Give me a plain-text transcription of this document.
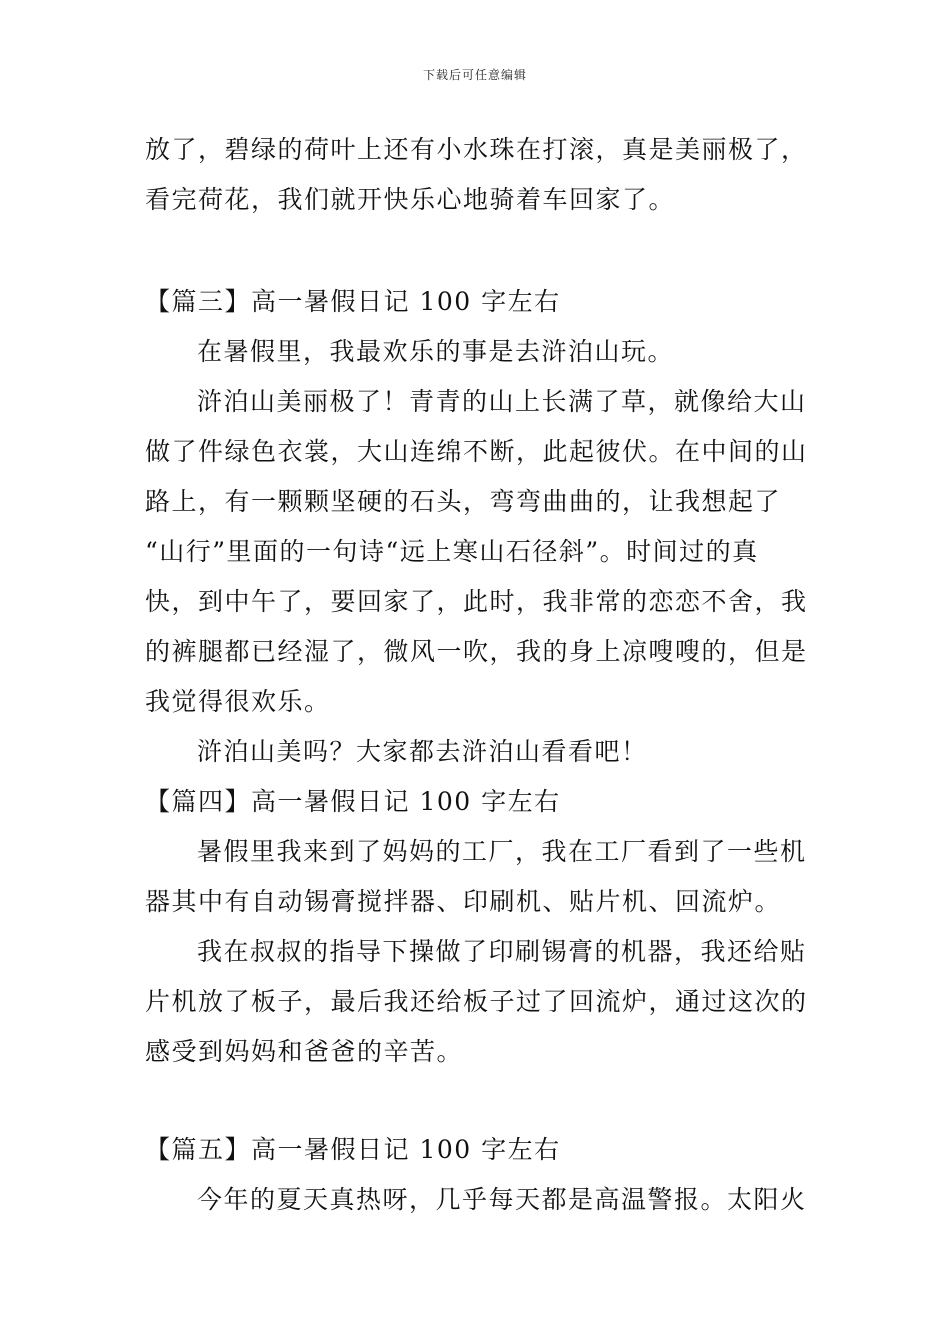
下载后可任意编辑
放了，碧绿的荷叶上还有小水珠在打滚，真是美丽极了，
看完荷花，我们就开快乐心地骑着车回家了。
【篇三】高一暑假日记 100 字左右
在暑假里，我最欢乐的事是去浒泊山玩。
浒泊山美丽极了！青青的山上长满了草，就像给大山
做了件绿色衣裳，大山连绵不断，此起彼伏。在中间的山
路上，有一颗颗坚硬的石头，弯弯曲曲的，让我想起了
“山行”里面的一句诗“远上寒山石径斜”。时间过的真
快，到中午了，要回家了，此时，我非常的恋恋不舍，我
的裤腿都已经湿了，微风一吹，我的身上凉嗖嗖的，但是
我觉得很欢乐。
浒泊山美吗？大家都去浒泊山看看吧！
【篇四】高一暑假日记 100 字左右
暑假里我来到了妈妈的工厂，我在工厂看到了一些机
器其中有自动锡膏搅拌器、印刷机、贴片机、回流炉。
我在叔叔的指导下操做了印刷锡膏的机器，我还给贴
片机放了板子，最后我还给板子过了回流炉，通过这次的
感受到妈妈和爸爸的辛苦。
【篇五】高一暑假日记 100 字左右
今年的夏天真热呀，几乎每天都是高温警报。太阳火
